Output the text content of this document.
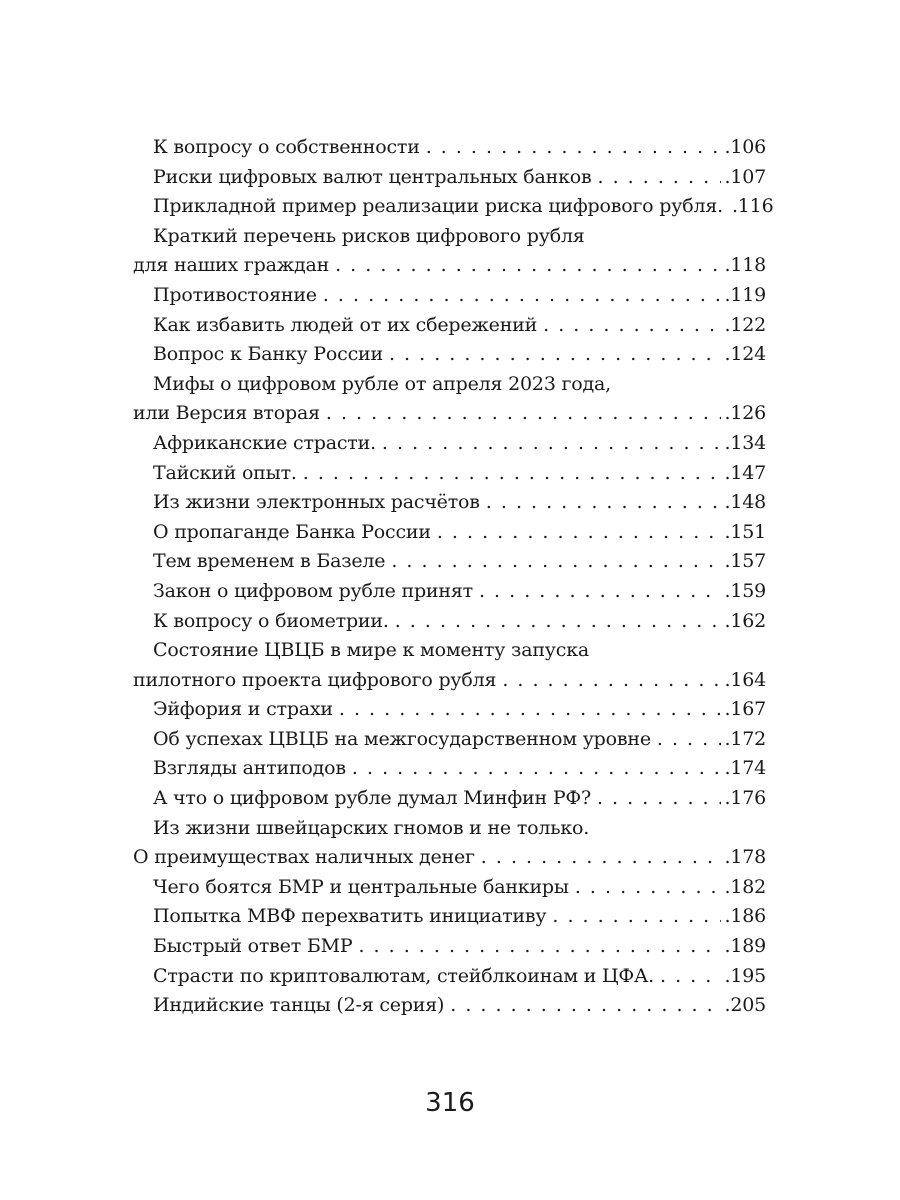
К вопросу о собственности . . .	.106
Риски цифровых валют центральных банков . . .	.107
Прикладной пример реализации риска цифрового рубля. .116
Краткий перечень рисков цифрового рубля
для наших граждан . . .	.118
Противостояние . . .	.119
Как избавить людей от их сбережений . . .	.122
Вопрос к Банку России . . .	.124
Мифы о цифровом рубле от апреля 2023 года,
или Версия вторая . . .	.126
Африканские страсти. . . .	.134
Тайский опыт. . . .	.147
Из жизни электронных расчётов . . .	.148
О пропаганде Банка России . . .	.151
Тем временем в Базеле . . .	.157
Закон о цифровом рубле принят . . .	.159
К вопросу о биометрии. . . .	.162
Состояние ЦВЦБ в мире к моменту запуска
пилотного проекта цифрового рубля . . .	.164
Эйфория и страхи . . .	.167
Об успехах ЦВЦБ на межгосударственном уровне . . .	.172
Взгляды антиподов . . .	.174
А что о цифровом рубле думал Минфин РФ? . . .	.176
Из жизни швейцарских гномов и не только.
О преимуществах наличных денег . . .	.178
Чего боятся БМР и центральные банкиры . . .	.182
Попытка МВФ перехватить инициативу . . .	.186
Быстрый ответ БМР . . .	.189
Страсти по криптовалютам, стейблкоинам и ЦФА. . . .	.195
Индийские танцы (2-я серия) . . .	.205
316
